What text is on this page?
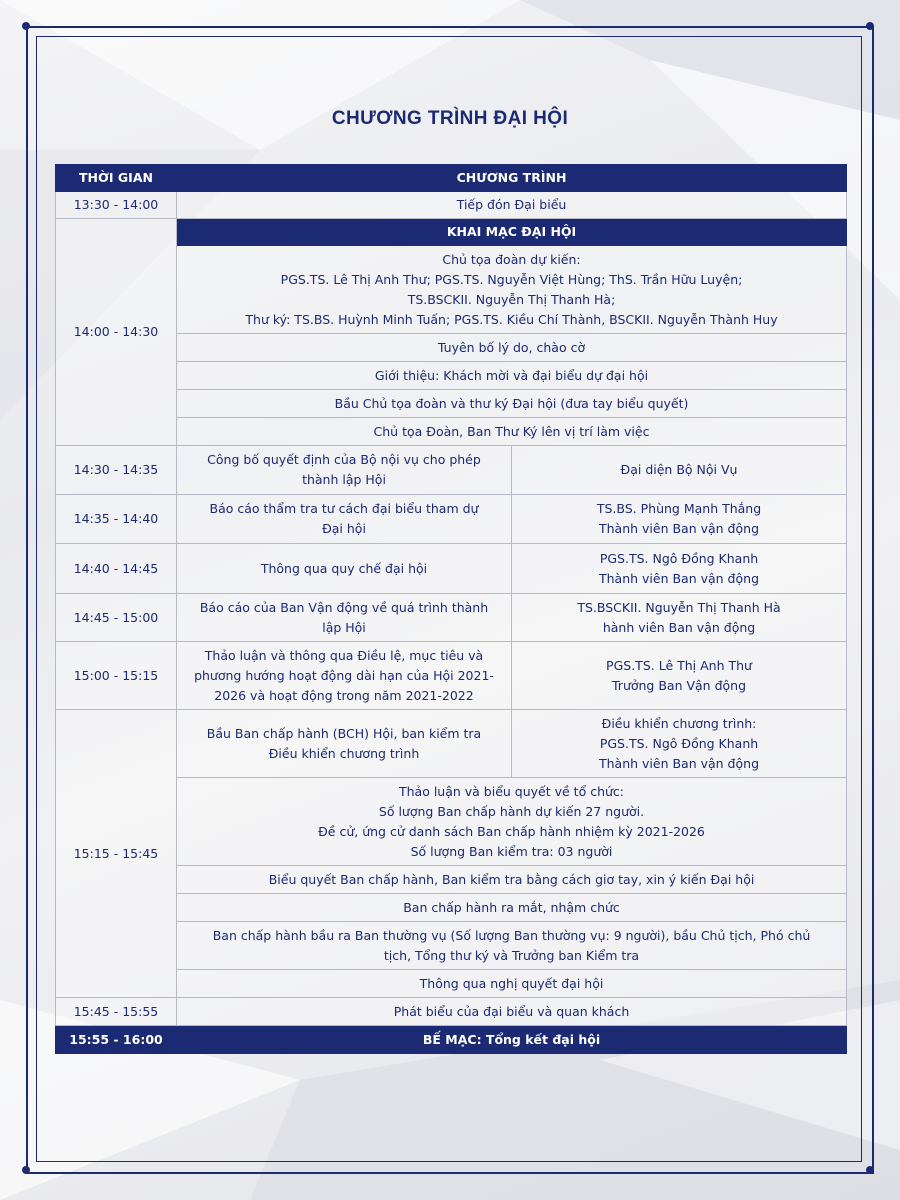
CHƯƠNG TRÌNH ĐẠI HỘI
THỜI GIAN	CHƯƠNG TRÌNH	
13:30 - 14:00	Tiếp đón Đại biểu	
14:00 - 14:30	KHAI MẠC ĐẠI HỘI	

	Chủ tọa đoàn dự kiến:
PGS.TS. Lê Thị Anh Thư; PGS.TS. Nguyễn Việt Hùng; ThS. Trần Hữu Luyện;
TS.BSCKII. Nguyễn Thị Thanh Hà;
Thư ký: TS.BS. Huỳnh Minh Tuấn; PGS.TS. Kiều Chí Thành, BSCKII. Nguyễn Thành Huy	

	Tuyên bố lý do, chào cờ	
	Giới thiệu: Khách mời và đại biểu dự đại hội	
	Bầu Chủ tọa đoàn và thư ký Đại hội (đưa tay biểu quyết)	
	Chủ tọa Đoàn, Ban Thư Ký lên vị trí làm việc	
14:30 - 14:35	Công bố quyết định của Bộ nội vụ cho phép
thành lập Hội	Đại diện Bộ Nội Vụ

14:35 - 14:40	Báo cáo thẩm tra tư cách đại biểu tham dự
Đại hội	TS.BS. Phùng Mạnh Thắng
Thành viên Ban vận động

14:40 - 14:45	Thông qua quy chế đại hội	PGS.TS. Ngô Đồng Khanh
Thành viên Ban vận động

14:45 - 15:00	Báo cáo của Ban Vận động về quá trình thành
lập Hội	TS.BSCKII. Nguyễn Thị Thanh Hà
hành viên Ban vận động

15:00 - 15:15	Thảo luận và thông qua Điều lệ, mục tiêu và
phương hướng hoạt động dài hạn của Hội 2021-
2026 và hoạt động trong năm 2021-2022	PGS.TS. Lê Thị Anh Thư
Trưởng Ban Vận động

15:15 - 15:45	Bầu Ban chấp hành (BCH) Hội, ban kiểm tra
Điều khiển chương trình	Điều khiển chương trình:
PGS.TS. Ngô Đồng Khanh
Thành viên Ban vận động

	Thảo luận và biểu quyết về tổ chức:
Số lượng Ban chấp hành dự kiến 27 người.
Đề cử, ứng cử danh sách Ban chấp hành nhiệm kỳ 2021-2026
Số lượng Ban kiểm tra: 03 người	

	Biểu quyết Ban chấp hành, Ban kiểm tra bằng cách giơ tay, xin ý kiến Đại hội	
	Ban chấp hành ra mắt, nhậm chức	

	Ban chấp hành bầu ra Ban thường vụ (Số lượng Ban thường vụ: 9 người), bầu Chủ tịch, Phó chủ
tịch, Tổng thư ký và Trưởng ban Kiểm tra	

	Thông qua nghị quyết đại hội	
15:45 - 15:55	Phát biểu của đại biểu và quan khách	
15:55 - 16:00	BẾ MẠC: Tổng kết đại hội	
